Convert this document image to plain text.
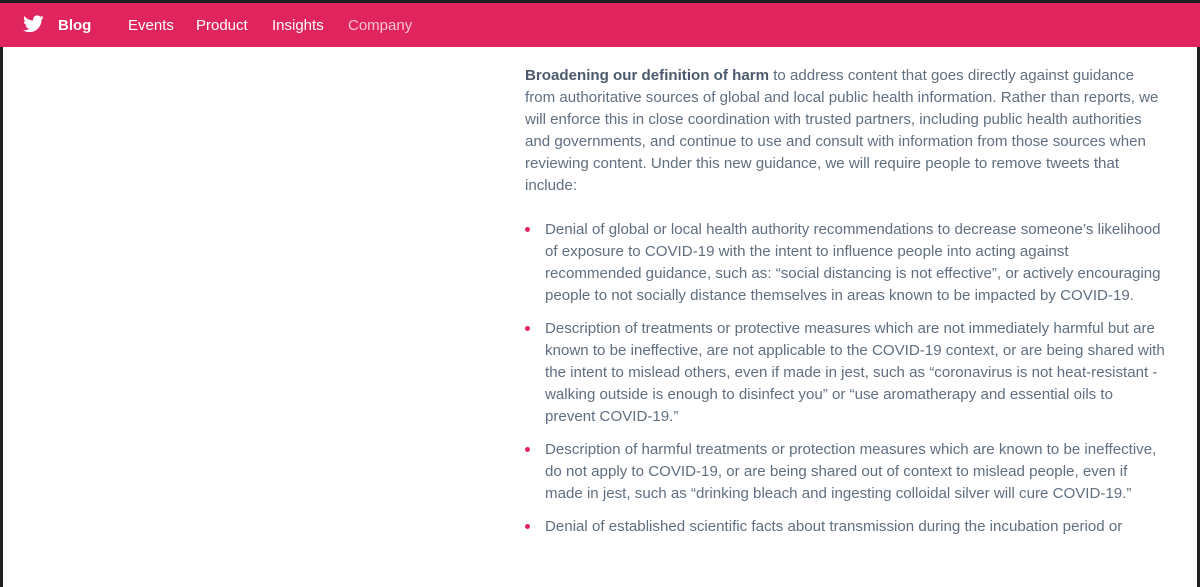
Blog Events Product Insights Company

Broadening our definition of harm to address content that goes directly against guidance from authoritative sources of global and local public health information. Rather than reports, we will enforce this in close coordination with trusted partners, including public health authorities and governments, and continue to use and consult with information from those sources when reviewing content. Under this new guidance, we will require people to remove tweets that include:

Denial of global or local health authority recommendations to decrease someone’s likelihood of exposure to COVID-19 with the intent to influence people into acting against recommended guidance, such as: “social distancing is not effective”, or actively encouraging people to not socially distance themselves in areas known to be impacted by COVID-19.
Description of treatments or protective measures which are not immediately harmful but are known to be ineffective, are not applicable to the COVID-19 context, or are being shared with the intent to mislead others, even if made in jest, such as “coronavirus is not heat-resistant - walking outside is enough to disinfect you” or “use aromatherapy and essential oils to prevent COVID-19.”
Description of harmful treatments or protection measures which are known to be ineffective, do not apply to COVID-19, or are being shared out of context to mislead people, even if made in jest, such as “drinking bleach and ingesting colloidal silver will cure COVID-19.”
Denial of established scientific facts about transmission during the incubation period or
